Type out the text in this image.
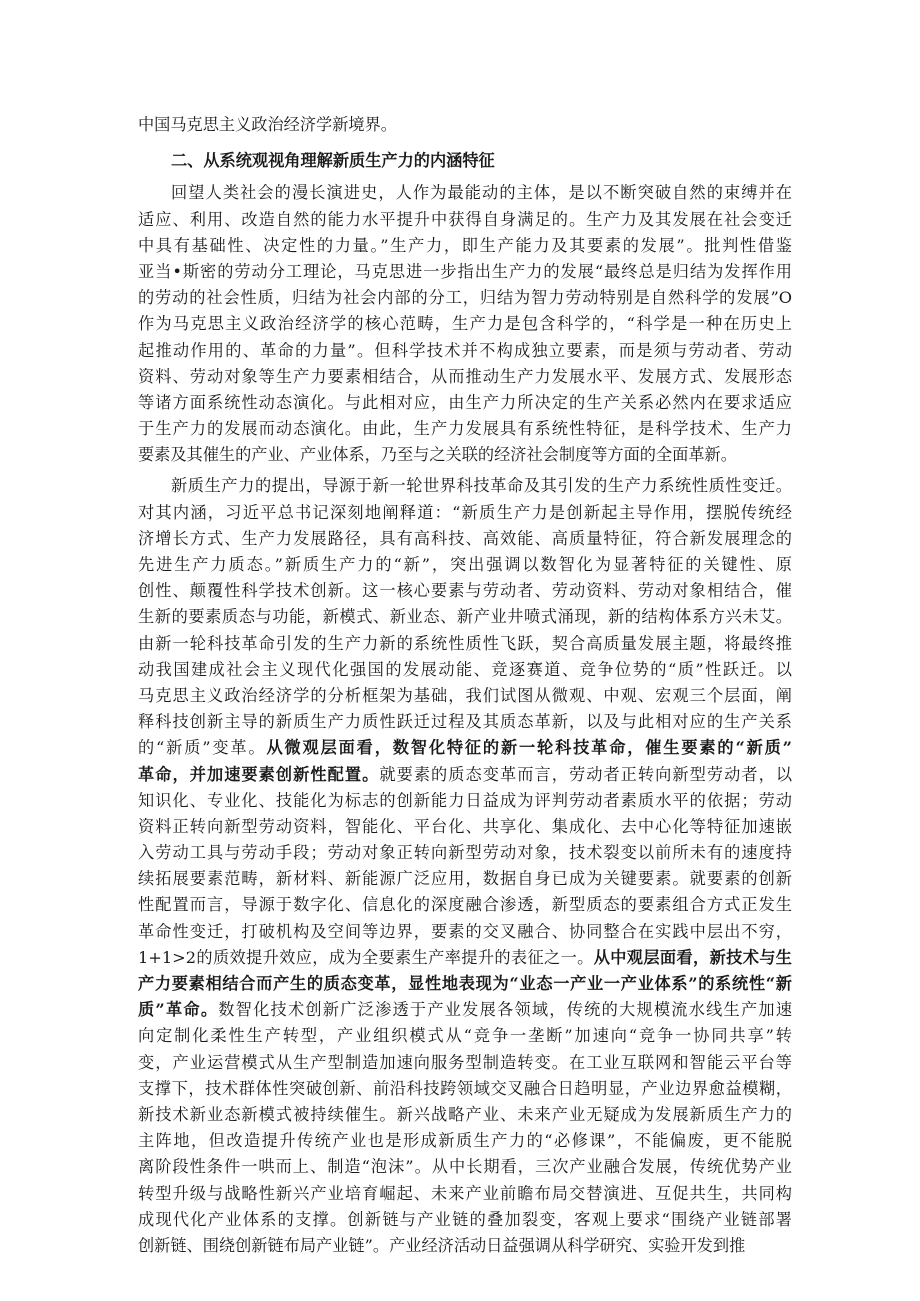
中国马克思主义政治经济学新境界。
二、从系统观视角理解新质生产力的内涵特征
回望人类社会的漫长演进史，人作为最能动的主体，是以不断突破自然的束缚并在
适应、利用、改造自然的能力水平提升中获得自身满足的。生产力及其发展在社会变迁
中具有基础性、决定性的力量。”生产力，即生产能力及其要素的发展”。批判性借鉴
亚当•斯密的劳动分工理论，马克思进一步指出生产力的发展“最终总是归结为发挥作用
的劳动的社会性质，归结为社会内部的分工，归结为智力劳动特别是自然科学的发展”O
作为马克思主义政治经济学的核心范畴，生产力是包含科学的，“科学是一种在历史上
起推动作用的、革命的力量”。但科学技术并不构成独立要素，而是须与劳动者、劳动
资料、劳动对象等生产力要素相结合，从而推动生产力发展水平、发展方式、发展形态
等诸方面系统性动态演化。与此相对应，由生产力所决定的生产关系必然内在要求适应
于生产力的发展而动态演化。由此，生产力发展具有系统性特征，是科学技术、生产力
要素及其催生的产业、产业体系，乃至与之关联的经济社会制度等方面的全面革新。
新质生产力的提出，导源于新一轮世界科技革命及其引发的生产力系统性质性变迁。
对其内涵，习近平总书记深刻地阐释道：“新质生产力是创新起主导作用，摆脱传统经
济增长方式、生产力发展路径，具有高科技、高效能、高质量特征，符合新发展理念的
先进生产力质态。”新质生产力的“新”，突出强调以数智化为显著特征的关键性、原
创性、颠覆性科学技术创新。这一核心要素与劳动者、劳动资料、劳动对象相结合，催
生新的要素质态与功能，新模式、新业态、新产业井喷式涌现，新的结构体系方兴未艾。
由新一轮科技革命引发的生产力新的系统性质性飞跃，契合高质量发展主题，将最终推
动我国建成社会主义现代化强国的发展动能、竞逐赛道、竞争位势的“质”性跃迁。以
马克思主义政治经济学的分析框架为基础，我们试图从微观、中观、宏观三个层面，阐
释科技创新主导的新质生产力质性跃迁过程及其质态革新，以及与此相对应的生产关系
的“新质”变革。从微观层面看，数智化特征的新一轮科技革命，催生要素的“新质”
革命，并加速要素创新性配置。就要素的质态变革而言，劳动者正转向新型劳动者，以
知识化、专业化、技能化为标志的创新能力日益成为评判劳动者素质水平的依据；劳动
资料正转向新型劳动资料，智能化、平台化、共享化、集成化、去中心化等特征加速嵌
入劳动工具与劳动手段；劳动对象正转向新型劳动对象，技术裂变以前所未有的速度持
续拓展要素范畴，新材料、新能源广泛应用，数据自身已成为关键要素。就要素的创新
性配置而言，导源于数字化、信息化的深度融合渗透，新型质态的要素组合方式正发生
革命性变迁，打破机构及空间等边界，要素的交叉融合、协同整合在实践中层出不穷，
1+1>2的质效提升效应，成为全要素生产率提升的表征之一。从中观层面看，新技术与生
产力要素相结合而产生的质态变革，显性地表现为“业态一产业一产业体系”的系统性“新
质”革命。数智化技术创新广泛渗透于产业发展各领域，传统的大规模流水线生产加速
向定制化柔性生产转型，产业组织模式从“竞争一垄断”加速向“竞争一协同共享”转
变，产业运营模式从生产型制造加速向服务型制造转变。在工业互联网和智能云平台等
支撑下，技术群体性突破创新、前沿科技跨领域交叉融合日趋明显，产业边界愈益模糊，
新技术新业态新模式被持续催生。新兴战略产业、未来产业无疑成为发展新质生产力的
主阵地，但改造提升传统产业也是形成新质生产力的“必修课”，不能偏废，更不能脱
离阶段性条件一哄而上、制造“泡沫”。从中长期看，三次产业融合发展，传统优势产业
转型升级与战略性新兴产业培育崛起、未来产业前瞻布局交替演进、互促共生，共同构
成现代化产业体系的支撑。创新链与产业链的叠加裂变，客观上要求“围绕产业链部署
创新链、围绕创新链布局产业链”。产业经济活动日益强调从科学研究、实验开发到推
